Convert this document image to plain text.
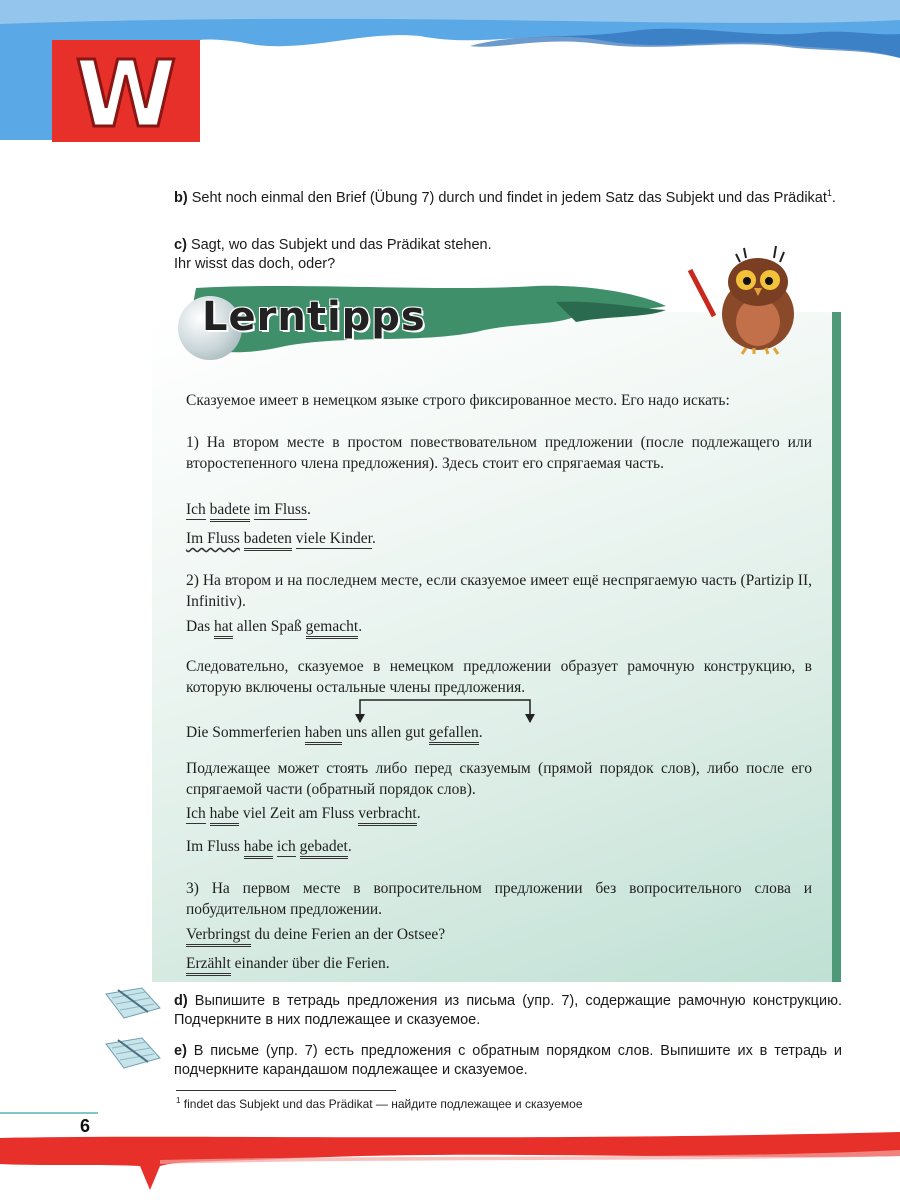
W
b) Seht noch einmal den Brief (Übung 7) durch und findet in jedem Satz das Subjekt und das Prädikat$^1$.
c) Sagt, wo das Subjekt und das Prädikat stehen.
Ihr wisst das doch, oder?
Lerntipps
Сказуемое имеет в немецком языке строго фиксированное место. Его надо искать:
1) На втором месте в простом повествовательном предложении (после подлежащего или второстепенного члена предложения). Здесь стоит его спрягаемая часть.
Ich badete im Fluss.
Im Fluss badeten viele Kinder.
2) На втором и на последнем месте, если сказуемое имеет ещё неспрягаемую часть (Partizip II, Infinitiv).
Das hat allen Spaß gemacht.
Следовательно, сказуемое в немецком предложении образует рамочную конструкцию, в которую включены остальные члены предложения.
Die Sommerferien haben uns allen gut gefallen.
Подлежащее может стоять либо перед сказуемым (прямой порядок слов), либо после его спрягаемой части (обратный порядок слов).
Ich habe viel Zeit am Fluss verbracht.
Im Fluss habe ich gebadet.
3) На первом месте в вопросительном предложении без вопросительного слова и побудительном предложении.
Verbringst du deine Ferien an der Ostsee?
Erzählt einander über die Ferien.
d) Выпишите в тетрадь предложения из письма (упр. 7), содержащие рамочную конструкцию. Подчеркните в них подлежащее и сказуемое.
e) В письме (упр. 7) есть предложения с обратным порядком слов. Выпишите их в тетрадь и подчеркните карандашом подлежащее и сказуемое.
$^1$ findet das Subjekt und das Prädikat — найдите подлежащее и сказуемое
6
